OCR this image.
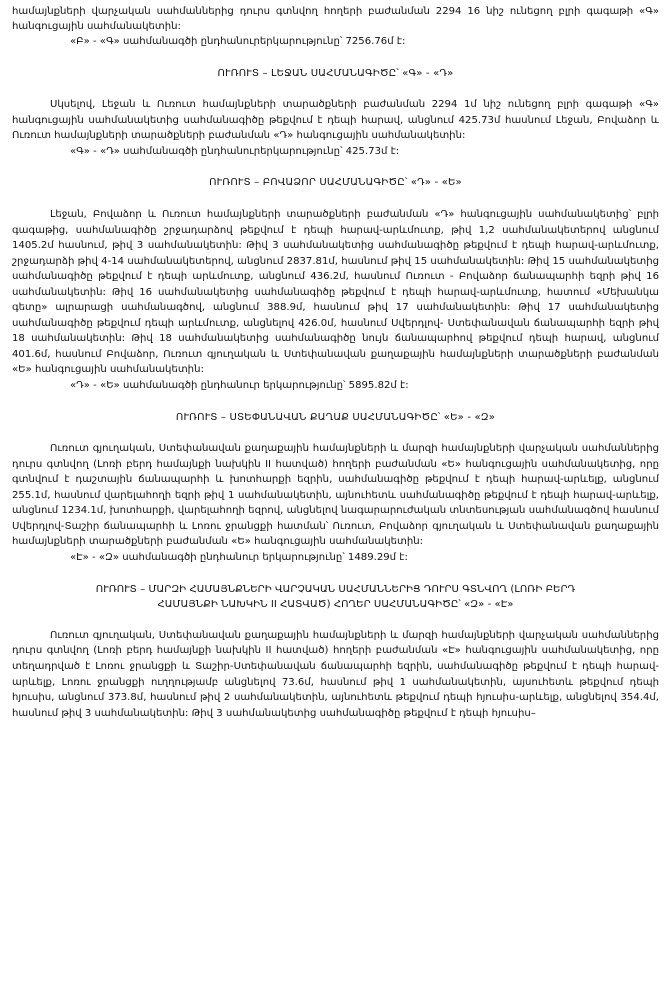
համայնքների վարչական սահմաններից դուրս գտնվող հողերի բաժանման 2294 16 նիշ ունեցող բլրի գագաթի «Գ» հանգուցային սահմանակետին:

«Բ» - «Գ» սահմանագծի ընդհանուրերկարությունը՝ 7256.76մ է:

ՈՒՌՈՒՏ – ԼԵՋԱՆ ՍԱՀՄԱՆԱԳԻԾԸ՝ «Գ» - «Դ»

Սկսելով, Լեջան և Ուռուտ համայնքների տարածքների բաժանման 2294 1մ նիշ ունեցող բլրի գագաթի «Գ» հանգուցային սահմանակետից սահմանագիծը թեքվում է դեպի հարավ, անցնում 425.73մ հասնում Լեջան, Բովաձոր և Ուռուտ համայնքների տարածքների բաժանման «Դ» հանգուցային սահմանակետին:

«Գ» - «Դ» սահմանագծի ընդհանուրերկարությունը՝ 425.73մ է:

ՈՒՌՈՒՏ – ԲՈՎԱՁՈՐ ՍԱՀՄԱՆԱԳԻԾԸ՝ «Դ» - «Ե»

Լեջան, Բովաձոր և Ուռուտ համայնքների տարածքների բաժանման «Դ» հանգուցային սահմանակետից՝ բլրի գագաթից, սահմանագիծը շրջադարձով թեքվում է դեպի հարավ-արևմուտք, թիվ 1,2 սահմանակետերով անցնում 1405.2մ հասնում, թիվ 3 սահմանակետին: Թիվ 3 սահմանակետից սահմանագիծը թեքվում է դեպի հարավ-արևմուտք, շրջադարձի թիվ 4-14 սահմանակետերով, անցնում 2837.81մ, հասնում թիվ 15 սահմանակետին: Թիվ 15 սահմանակետից սահմանագիծը թեքվում է դեպի արևմուտք, անցնում 436.2մ, հասնում Ուռուտ - Բովաձոր ճանապարհի եզրի թիվ 16 սահմանակետին: Թիվ 16 սահմանակետից սահմանագիծը թեքվում է դեպի հարավ-արևմուտք, հատում «Մեխանկա գետը» ալրարացի սահմանագծով, անցնում 388.9մ, հասնում թիվ 17 սահմանակետին: Թիվ 17 սահմանակետից սահմանագիծը թեքվում դեպի արևմուտք, անցնելով 426.0մ, հասնում Սվերդլով- Ստեփանավան ճանապարհի եզրի թիվ 18 սահմանակետին: Թիվ 18 սահմանակետից սահմանագիծը նույն ճանապարհով թեքվում դեպի հարավ, անցնում 401.6մ, հասնում Բովաձոր, Ուռուտ գյուղական և Ստեփանավան քաղաքային համայնքների տարածքների բաժանման «Ե» հանգուցային սահմանակետին:

«Դ» - «Ե» սահմանագծի ընդհանուր երկարությունը՝ 5895.82մ է:

ՈՒՌՈՒՏ – ՍՏԵՓԱՆԱՎԱՆ ՔԱՂԱՔ ՍԱՀՄԱՆԱԳԻԾԸ՝ «Ե» - «Զ»

Ուռուտ գյուղական, Ստեփանավան քաղաքային համայնքների և մարզի համայնքների վարչական սահմաններից դուրս գտնվող (Լոռի բերդ համայնքի նախկին II հատված) հողերի բաժանման «Ե» հանգուցային սահմանակետից, որը գտնվում է դաշտային ճանապարհի և խոտհարքի եզրին, սահմանագիծը թեքվում է դեպի հարավ-արևելք, անցնում 255.1մ, հասնում վարելահողի եզրի թիվ 1 սահմանակետին, այնուհետև սահմանագիծը թեքվում է դեպի հարավ-արևելք, անցնում 1234.1մ, խոտհարքի, վարելահողի եզրով, անցնելով նագարարուժական տնտեսության սահմանագծով հասնում Սվերդլով-Տաշիր ճանապարհի և Լոռու ջրանցքի հատման՝ Ուռուտ, Բովաձոր գյուղական և Ստեփանավան քաղաքային համայնքների տարածքների բաժանման «Ե» հանգուցային սահմանակետին:

«Է» - «Զ» սահմանագծի ընդհանուր երկարությունը՝ 1489.29մ է:

ՈՒՌՈՒՏ – ՄԱՐԶԻ ՀԱՄԱՅՆՔՆԵՐԻ ՎԱՐՉԱԿԱՆ ՍԱՀՄԱՆՆԵՐԻՑ ԴՈՒՐՍ ԳՏՆՎՈՂ (ԼՈՌԻ ԲԵՐԴ

ՀԱՄԱՅՆՔԻ ՆԱԽԿԻՆ II ՀԱՏՎԱԾ) ՀՈՂԵՐ ՍԱՀՄԱՆԱԳԻԾԸ՝ «Զ» - «Է»

Ուռուտ գյուղական, Ստեփանավան քաղաքային համայնքների և մարզի համայնքների վարչական սահմաններից դուրս գտնվող (Լոռի բերդ համայնքի նախկին II հատված) հողերի բաժանման «Է» հանգուցային սահմանակետից, որը տեղադրված է Լոռու ջրանցքի և Տաշիր-Ստեփանավան ճանապարհի եզրին, սահմանագիծը թեքվում է դեպի հարավ-արևելք, Լոռու ջրանցքի ուղղությամբ անցնելով 73.6մ, հասնում թիվ 1 սահմանակետին, այսուհետև թեքվում դեպի հյուսիս, անցնում 373.8մ, հասնում թիվ 2 սահմանակետին, այնուհետև թեքվում դեպի հյուսիս-արևելք, անցնելով 354.4մ, հասնում թիվ 3 սահմանակետին: Թիվ 3 սահմանակետից սահմանագիծը թեքվում է դեպի հյուսիս–
